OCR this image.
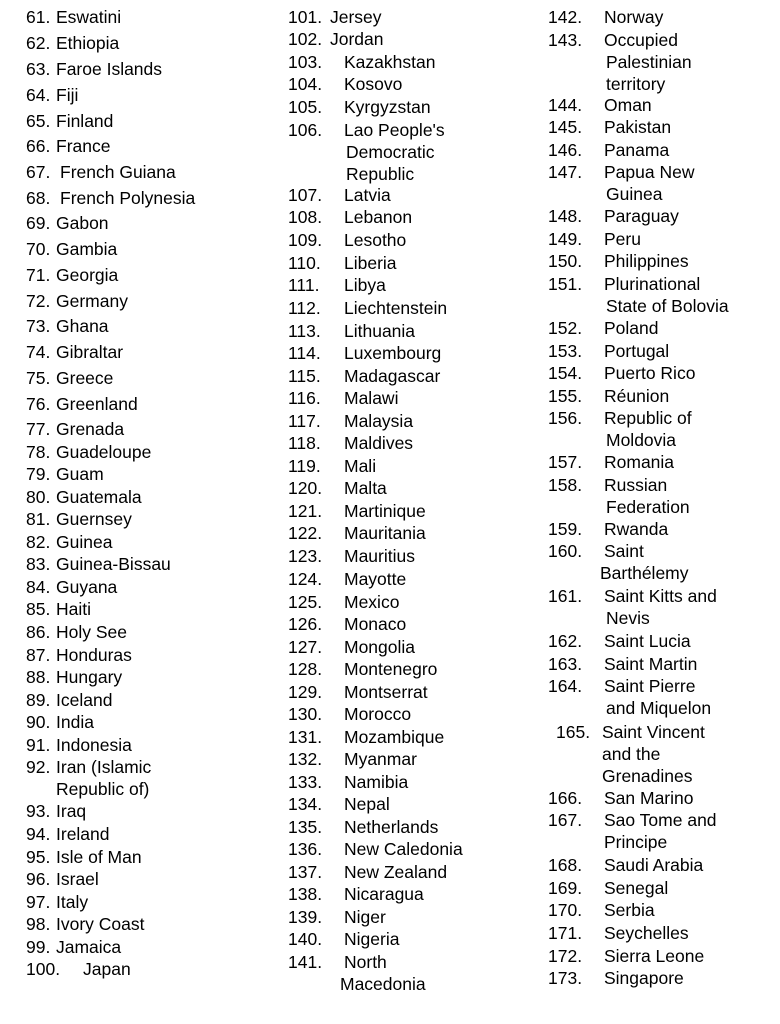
61. Eswatini
62. Ethiopia
63. Faroe Islands
64. Fiji
65. Finland
66. France
67. French Guiana
68. French Polynesia
69. Gabon
70. Gambia
71. Georgia
72. Germany
73. Ghana
74. Gibraltar
75. Greece
76. Greenland
77. Grenada
78. Guadeloupe
79. Guam
80. Guatemala
81. Guernsey
82. Guinea
83. Guinea-Bissau
84. Guyana
85. Haiti
86. Holy See
87. Honduras
88. Hungary
89. Iceland
90. India
91. Indonesia
92. Iran (Islamic
Republic of)
93. Iraq
94. Ireland
95. Isle of Man
96. Israel
97. Italy
98. Ivory Coast
99. Jamaica
100. Japan
101. Jersey
102. Jordan
103. Kazakhstan
104. Kosovo
105. Kyrgyzstan
106. Lao People's
Democratic
Republic
107. Latvia
108. Lebanon
109. Lesotho
110. Liberia
111. Libya
112. Liechtenstein
113. Lithuania
114. Luxembourg
115. Madagascar
116. Malawi
117. Malaysia
118. Maldives
119. Mali
120. Malta
121. Martinique
122. Mauritania
123. Mauritius
124. Mayotte
125. Mexico
126. Monaco
127. Mongolia
128. Montenegro
129. Montserrat
130. Morocco
131. Mozambique
132. Myanmar
133. Namibia
134. Nepal
135. Netherlands
136. New Caledonia
137. New Zealand
138. Nicaragua
139. Niger
140. Nigeria
141. North
Macedonia
142. Norway
143. Occupied
Palestinian
territory
144. Oman
145. Pakistan
146. Panama
147. Papua New
Guinea
148. Paraguay
149. Peru
150. Philippines
151. Plurinational
State of Bolovia
152. Poland
153. Portugal
154. Puerto Rico
155. Réunion
156. Republic of
Moldovia
157. Romania
158. Russian
Federation
159. Rwanda
160. Saint
Barthélemy
161. Saint Kitts and
Nevis
162. Saint Lucia
163. Saint Martin
164. Saint Pierre
and Miquelon
165. Saint Vincent
and the
Grenadines
166. San Marino
167. Sao Tome and
Principe
168. Saudi Arabia
169. Senegal
170. Serbia
171. Seychelles
172. Sierra Leone
173. Singapore
